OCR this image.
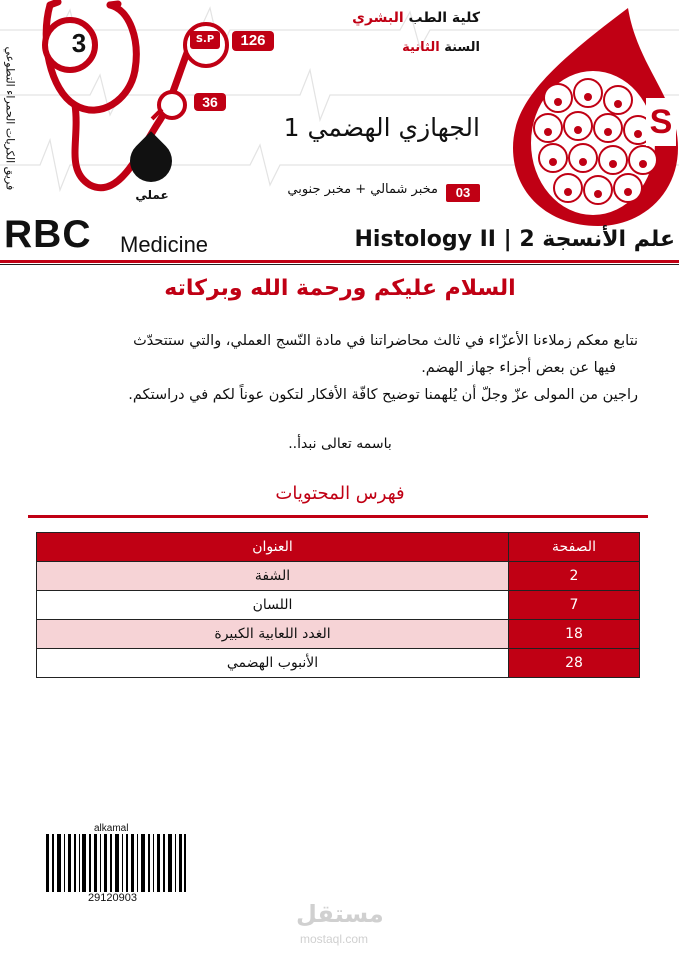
فريق الكريات الحمراء التطوعي
3	S.P	126
36
عملي
كلية الطب البشري
السنة الثانية
الجهازي الهضمي 1
03
مخبر شمالي + مخبر جنوبي
S
RBC Medicine	علم الأنسجة 2 | Histology II
السلام عليكم ورحمة الله وبركاته
نتابع معكم زملاءنا الأعزّاء في ثالث محاضراتنا في مادة النّسج العملي، والتي ستتحدّث
فيها عن بعض أجزاء جهاز الهضم.
راجين من المولى عزّ وجلّ أن يُلهمنا توضيح كافّة الأفكار لتكون عوناً لكم في دراستكم.
باسمه تعالى نبدأ..
فهرس المحتويات
الصفحة	العنوان
2	الشفة
7	اللسان
18	الغدد اللعابية الكبيرة
28	الأنبوب الهضمي
alkamal
29120903
مستقل
mostaql.com
